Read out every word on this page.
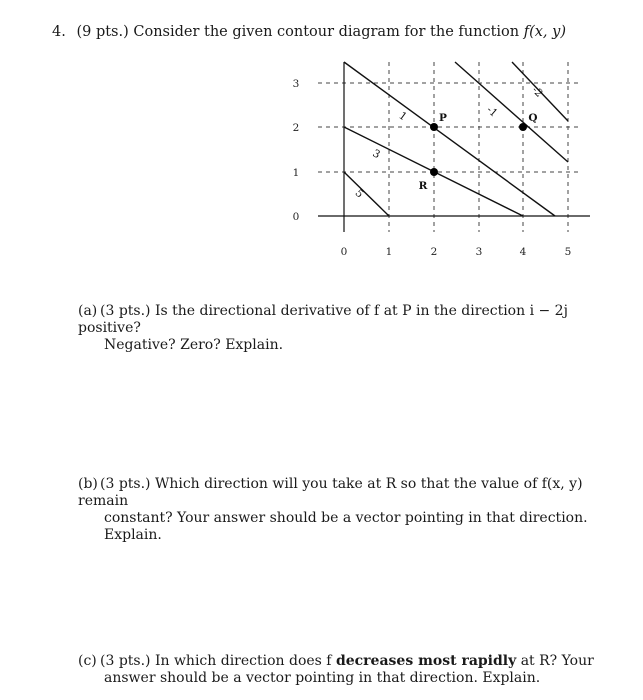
4. (9 pts.) Consider the given contour diagram for the function f(x, y)
0	1	2	3	4	5
0
1
2
3
5
3
1	-1
-2
P	Q
R
(a) (3 pts.) Is the directional derivative of f at P in the direction i − 2j positive?
Negative? Zero? Explain.
(b) (3 pts.) Which direction will you take at R so that the value of f(x, y) remain
constant? Your answer should be a vector pointing in that direction. Explain.
(c) (3 pts.) In which direction does f decreases most rapidly at R? Your
answer should be a vector pointing in that direction. Explain.
